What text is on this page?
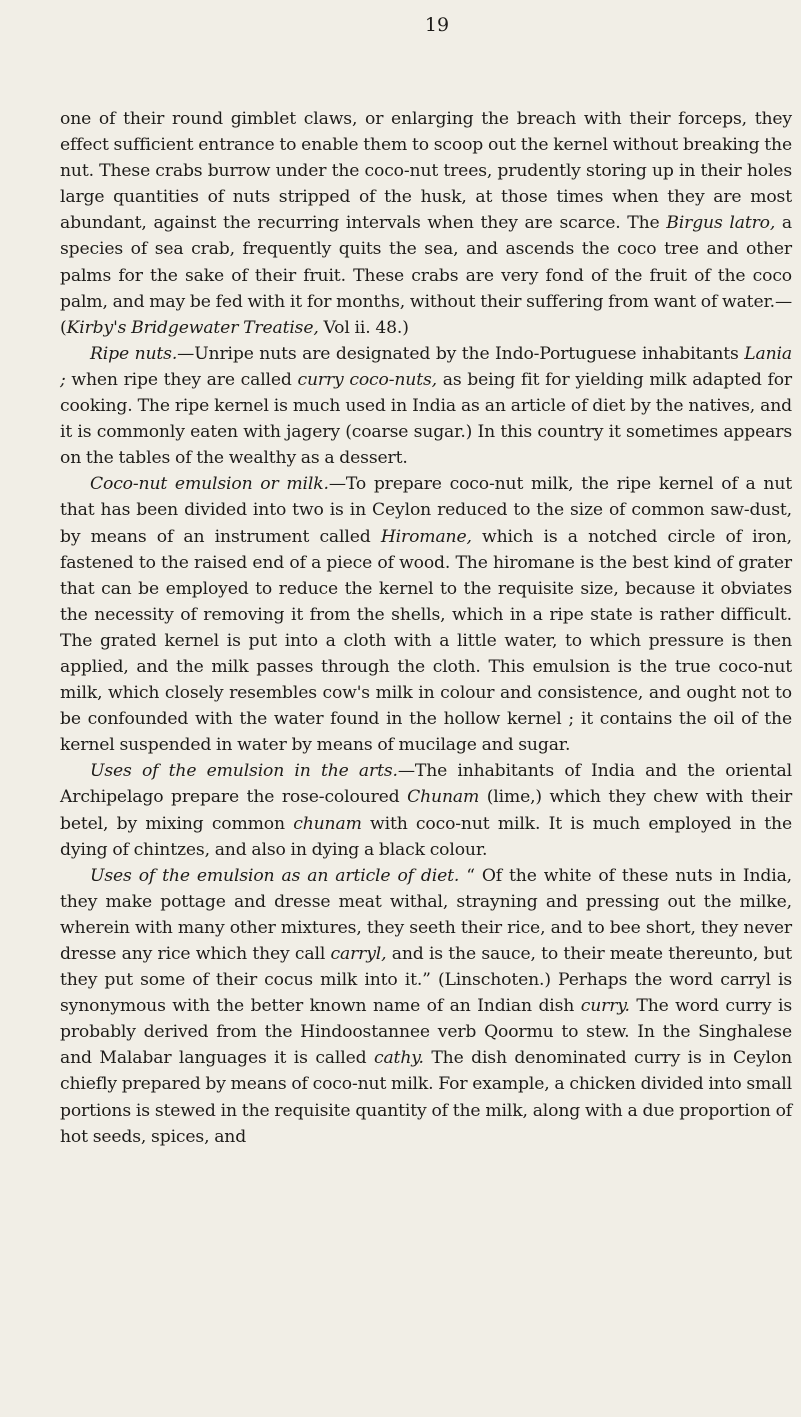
19

one of their round gimblet claws, or enlarging the breach with their forceps, they effect sufficient entrance to enable them to scoop out the kernel without breaking the nut. These crabs burrow under the coco-nut trees, prudently storing up in their holes large quantities of nuts stripped of the husk, at those times when they are most abundant, against the recurring intervals when they are scarce. The Birgus latro, a species of sea crab, frequently quits the sea, and ascends the coco tree and other palms for the sake of their fruit. These crabs are very fond of the fruit of the coco palm, and may be fed with it for months, without their suffering from want of water.—(Kirby's Bridgewater Treatise, Vol ii. 48.)

Ripe nuts.—Unripe nuts are designated by the Indo-Portuguese inhabitants Lania ; when ripe they are called curry coco-nuts, as being fit for yielding milk adapted for cooking. The ripe kernel is much used in India as an article of diet by the natives, and it is commonly eaten with jagery (coarse sugar.) In this country it sometimes appears on the tables of the wealthy as a dessert.

Coco-nut emulsion or milk.—To prepare coco-nut milk, the ripe kernel of a nut that has been divided into two is in Ceylon reduced to the size of common saw-dust, by means of an instrument called Hiromane, which is a notched circle of iron, fastened to the raised end of a piece of wood. The hiromane is the best kind of grater that can be employed to reduce the kernel to the requisite size, because it obviates the necessity of removing it from the shells, which in a ripe state is rather difficult. The grated kernel is put into a cloth with a little water, to which pressure is then applied, and the milk passes through the cloth. This emulsion is the true coco-nut milk, which closely resembles cow's milk in colour and consistence, and ought not to be confounded with the water found in the hollow kernel ; it contains the oil of the kernel suspended in water by means of mucilage and sugar.

Uses of the emulsion in the arts.—The inhabitants of India and the oriental Archipelago prepare the rose-coloured Chunam (lime,) which they chew with their betel, by mixing common chunam with coco-nut milk. It is much employed in the dying of chintzes, and also in dying a black colour.

Uses of the emulsion as an article of diet. “ Of the white of these nuts in India, they make pottage and dresse meat withal, strayning and pressing out the milke, wherein with many other mixtures, they seeth their rice, and to bee short, they never dresse any rice which they call carryl, and is the sauce, to their meate thereunto, but they put some of their cocus milk into it.” (Linschoten.) Perhaps the word carryl is synonymous with the better known name of an Indian dish curry. The word curry is probably derived from the Hindoostannee verb Qoormu to stew. In the Singhalese and Malabar languages it is called cathy. The dish denominated curry is in Ceylon chiefly prepared by means of coco-nut milk. For example, a chicken divided into small portions is stewed in the requisite quantity of the milk, along with a due proportion of hot seeds, spices, and
